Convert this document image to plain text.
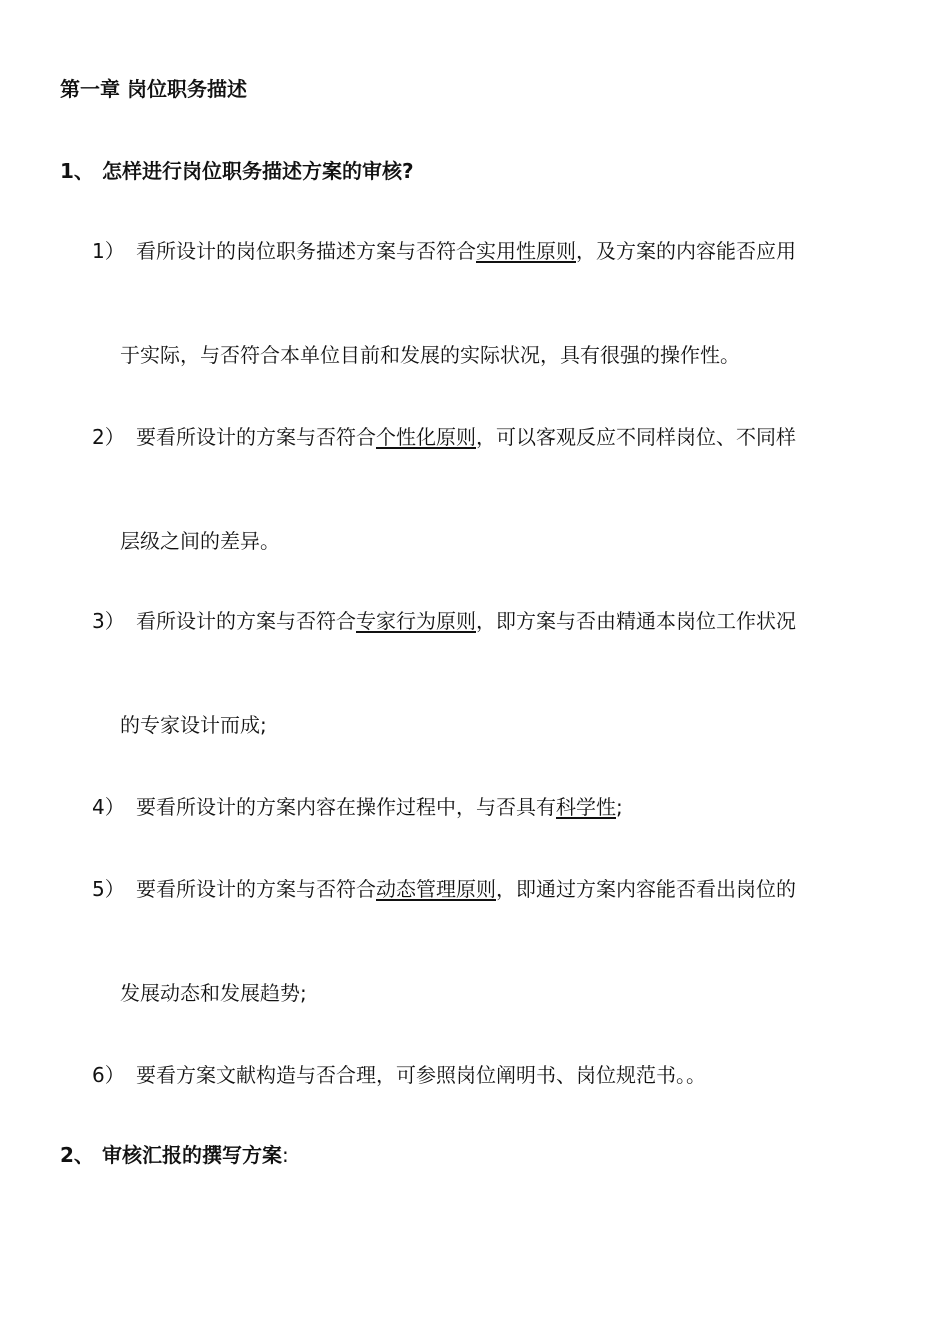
第一章 岗位职务描述
1、 怎样进行岗位职务描述方案的审核?
1） 看所设计的岗位职务描述方案与否符合实用性原则，及方案的内容能否应用
于实际，与否符合本单位目前和发展的实际状况，具有很强的操作性。
2） 要看所设计的方案与否符合个性化原则，可以客观反应不同样岗位、不同样
层级之间的差异。
3） 看所设计的方案与否符合专家行为原则，即方案与否由精通本岗位工作状况
的专家设计而成;
4） 要看所设计的方案内容在操作过程中，与否具有科学性;
5） 要看所设计的方案与否符合动态管理原则，即通过方案内容能否看出岗位的
发展动态和发展趋势;
6） 要看方案文献构造与否合理，可参照岗位阐明书、岗位规范书。。
2、 审核汇报的撰写方案:
